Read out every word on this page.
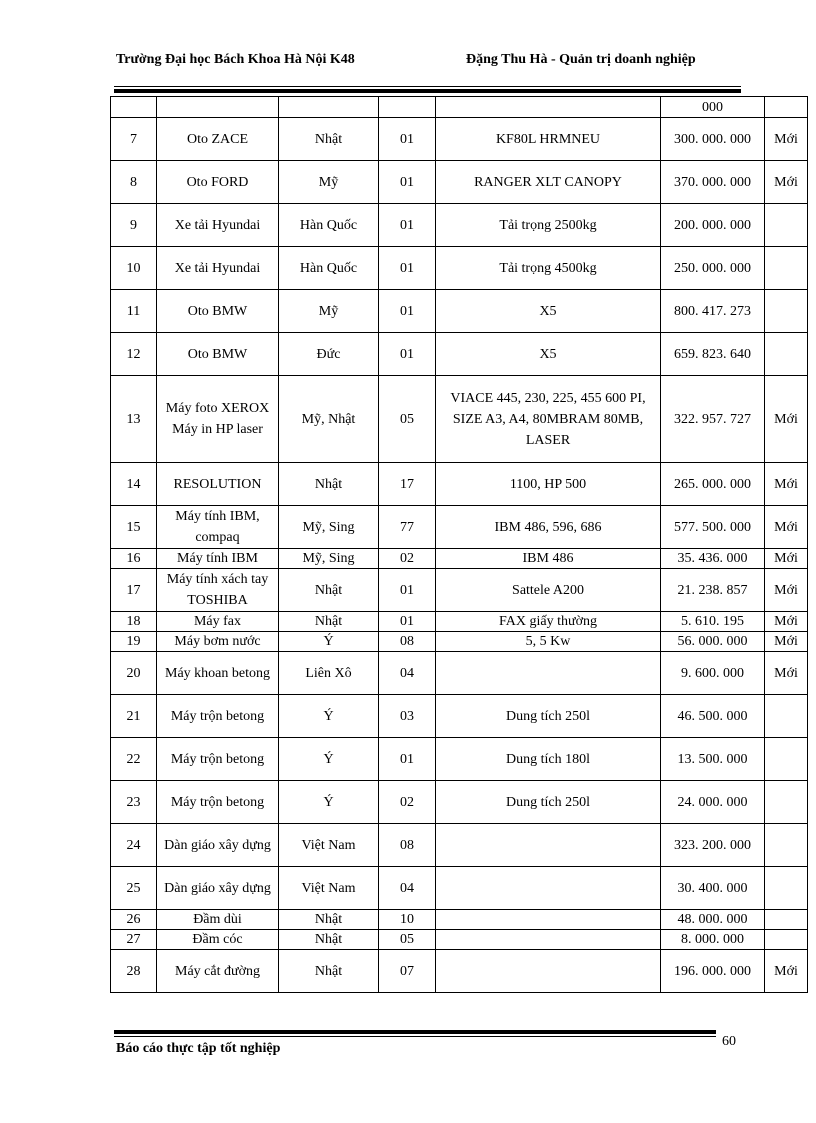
Trường Đại học Bách Khoa Hà Nội K48	Đặng Thu Hà - Quản trị doanh nghiệp
					000	
7	Oto ZACE	Nhật	01	KF80L HRMNEU	300. 000. 000	Mới
8	Oto FORD	Mỹ	01	RANGER XLT CANOPY	370. 000. 000	Mới
9	Xe tải Hyundai	Hàn Quốc	01	Tải trọng 2500kg	200. 000. 000	
10	Xe tải Hyundai	Hàn Quốc	01	Tải trọng 4500kg	250. 000. 000	
11	Oto BMW	Mỹ	01	X5	800. 417. 273	
12	Oto BMW	Đức	01	X5	659. 823. 640	
13	Máy foto XEROX Máy in HP laser	Mỹ, Nhật	05	VIACE 445, 230, 225, 455 600 PI, SIZE A3, A4, 80MBRAM 80MB, LASER	322. 957. 727	Mới
14	RESOLUTION	Nhật	17	1100, HP 500	265. 000. 000	Mới
15	Máy tính IBM, compaq	Mỹ, Sing	77	IBM 486, 596, 686	577. 500. 000	Mới
16	Máy tính IBM	Mỹ, Sing	02	IBM 486	35. 436. 000	Mới
17	Máy tính xách tay TOSHIBA	Nhật	01	Sattele A200	21. 238. 857	Mới
18	Máy fax	Nhật	01	FAX giấy thường	5. 610. 195	Mới
19	Máy bơm nước	Ý	08	5, 5 Kw	56. 000. 000	Mới
20	Máy khoan betong	Liên Xô	04		9. 600. 000	Mới
21	Máy trộn betong	Ý	03	Dung tích 250l	46. 500. 000	
22	Máy trộn betong	Ý	01	Dung tích 180l	13. 500. 000	
23	Máy trộn betong	Ý	02	Dung tích 250l	24. 000. 000	
24	Dàn giáo xây dựng	Việt Nam	08		323. 200. 000	
25	Dàn giáo xây dựng	Việt Nam	04		30. 400. 000	
26	Đầm dùi	Nhật	10		48. 000. 000	
27	Đầm cóc	Nhật	05		8. 000. 000	
28	Máy cắt đường	Nhật	07		196. 000. 000	Mới
Báo cáo thực tập tốt nghiệp	60
